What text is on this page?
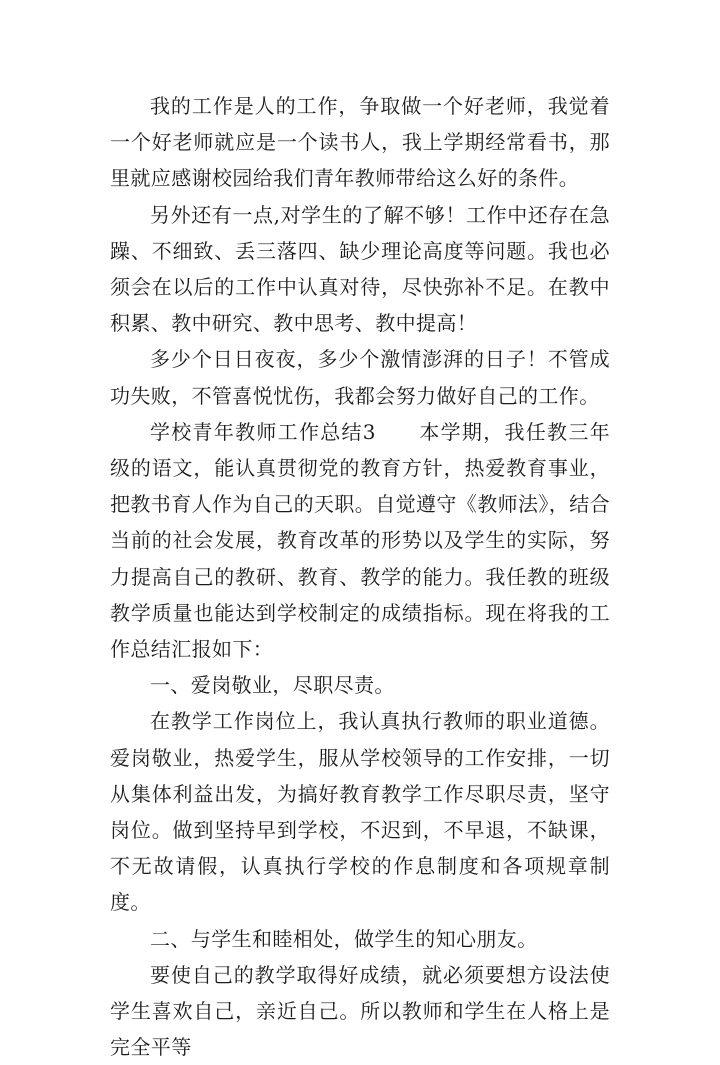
我的工作是人的工作，争取做一个好老师，我觉着一个好老师就应是一个读书人，我上学期经常看书，那里就应感谢校园给我们青年教师带给这么好的条件。

另外还有一点,对学生的了解不够！工作中还存在急躁、不细致、丢三落四、缺少理论高度等问题。我也必须会在以后的工作中认真对待，尽快弥补不足。在教中积累、教中研究、教中思考、教中提高！

多少个日日夜夜，多少个激情澎湃的日子！不管成功失败，不管喜悦忧伤，我都会努力做好自己的工作。

学校青年教师工作总结3　　本学期，我任教三年级的语文，能认真贯彻党的教育方针，热爱教育事业，把教书育人作为自己的天职。自觉遵守《教师法》，结合当前的社会发展，教育改革的形势以及学生的实际，努力提高自己的教研、教育、教学的能力。我任教的班级教学质量也能达到学校制定的成绩指标。现在将我的工作总结汇报如下：

一、爱岗敬业，尽职尽责。

在教学工作岗位上，我认真执行教师的职业道德。爱岗敬业，热爱学生，服从学校领导的工作安排，一切从集体利益出发，为搞好教育教学工作尽职尽责，坚守岗位。做到坚持早到学校，不迟到，不早退，不缺课，不无故请假，认真执行学校的作息制度和各项规章制度。

二、与学生和睦相处，做学生的知心朋友。

要使自己的教学取得好成绩，就必须要想方设法使学生喜欢自己，亲近自己。所以教师和学生在人格上是完全平等
